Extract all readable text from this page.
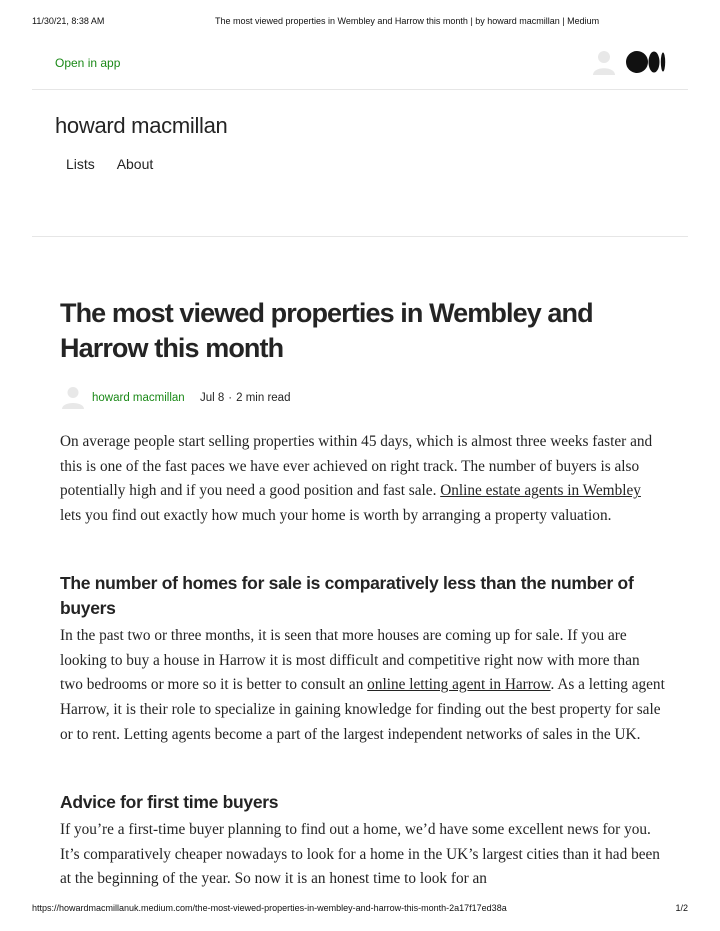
11/30/21, 8:38 AM	The most viewed properties in Wembley and Harrow this month | by howard macmillan | Medium
Open in app
howard macmillan
Lists About
The most viewed properties in Wembley and Harrow this month
howard macmillan Jul 8 · 2 min read

On average people start selling properties within 45 days, which is almost three weeks faster and this is one of the fast paces we have ever achieved on right track. The number of buyers is also potentially high and if you need a good position and fast sale. Online estate agents in Wembley lets you find out exactly how much your home is worth by arranging a property valuation.

The number of homes for sale is comparatively less than the number of buyers

In the past two or three months, it is seen that more houses are coming up for sale. If you are looking to buy a house in Harrow it is most difficult and competitive right now with more than two bedrooms or more so it is better to consult an online letting agent in Harrow. As a letting agent Harrow, it is their role to specialize in gaining knowledge for finding out the best property for sale or to rent. Letting agents become a part of the largest independent networks of sales in the UK.

Advice for first time buyers

If you’re a first-time buyer planning to find out a home, we’d have some excellent news for you. It’s comparatively cheaper nowadays to look for a home in the UK’s largest cities than it had been at the beginning of the year. So now it is an honest time to look for an

https://howardmacmillanuk.medium.com/the-most-viewed-properties-in-wembley-and-harrow-this-month-2a17f17ed38a	1/2
